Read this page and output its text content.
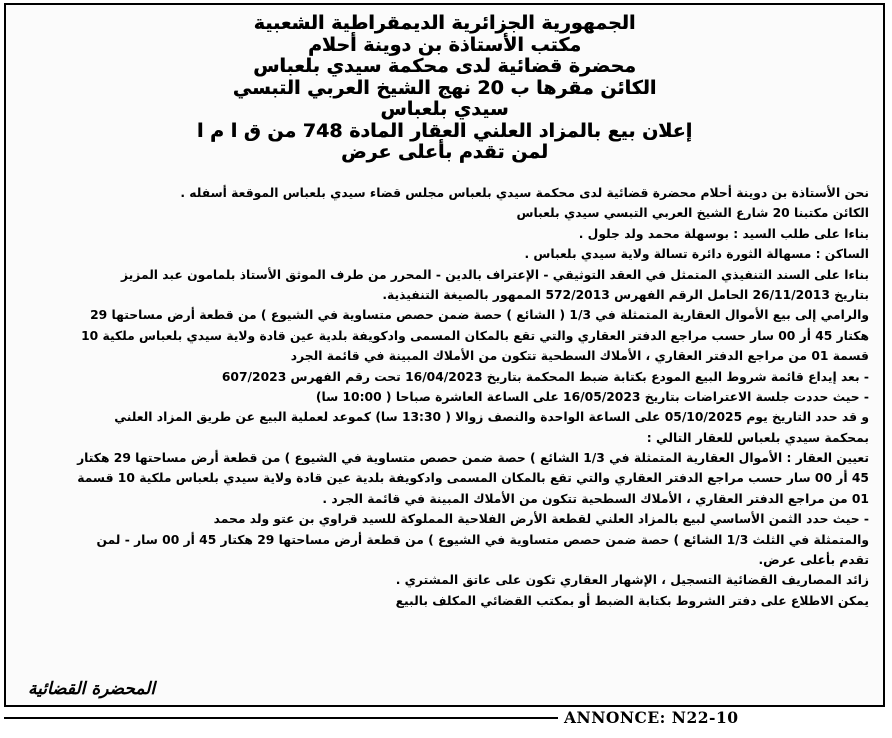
الجمهورية الجزائرية الديمقراطية الشعبية
مكتب الأستاذة بن دوينة أحلام
محضرة قضائية لدى محكمة سيدي بلعباس
الكائن مقرها ب 20 نهج الشيخ العربي التبسي
سيدي بلعباس
إعلان بيع بالمزاد العلني العقار المادة 748 من ق ا م ا
لمن تقدم بأعلى عرض
نحن الأستاذة بن دوينة أحلام محضرة قضائية لدى محكمة سيدي بلعباس مجلس قضاء سيدي بلعباس الموقعة أسفله .
الكائن مكتبنا 20 شارع الشيخ العربي التبسي سيدي بلعباس
بناءا على طلب السيد : بوسهلة محمد ولد جلول .
الساكن : مسهالة الثورة دائرة تسالة ولاية سيدي بلعباس .
بناءا على السند التنفيذي المتمثل في العقد التوثيقي - الإعتراف بالدين - المحرر من طرف الموثق الأستاذ بلمامون عبد المزيز
بتاريخ 26/11/2013 الحامل الرقم الفهرس 572/2013 الممهور بالصيغة التنفيذية.
والرامي إلى بيع الأموال العقارية المتمثلة في 1/3 ( الشائع ) حصة ضمن حصص متساوية في الشيوع ) من قطعة أرض مساحتها 29
هكتار 45 أر 00 سار حسب مراجع الدفتر العقاري والتي تقع بالمكان المسمى وادكويفة بلدية عين قادة ولاية سيدي بلعباس ملكية 10
قسمة 01 من مراجع الدفتر العقاري ، الأملاك السطحية تتكون من الأملاك المبينة في قائمة الجرد
- بعد إيداع قائمة شروط البيع المودع بكتابة ضبط المحكمة بتاريخ 16/04/2023 تحت رقم الفهرس 607/2023
- حيث حددت جلسة الاعتراضات بتاريخ 16/05/2023 على الساعة العاشرة صباحا ( 10:00 سا)
و قد حدد التاريخ يوم 05/10/2025 على الساعة الواحدة والنصف زوالا ( 13:30 سا) كموعد لعملية البيع عن طريق المزاد العلني
بمحكمة سيدي بلعباس للعقار التالي :
تعيين العقار : الأموال العقارية المتمثلة في 1/3 الشائع ) حصة ضمن حصص متساوية في الشيوع ) من قطعة أرض مساحتها 29 هكتار
45 أر 00 سار حسب مراجع الدفتر العقاري والتي تقع بالمكان المسمى وادكويفة بلدية عين قادة ولاية سيدي بلعباس ملكية 10 قسمة
01 من مراجع الدفتر العقاري ، الأملاك السطحية تتكون من الأملاك المبينة في قائمة الجرد .
- حيث حدد الثمن الأساسي لبيع بالمزاد العلني لقطعة الأرض الفلاحية المملوكة للسيد قراوي بن عتو ولد محمد
والمتمثلة في الثلث 1/3 الشائع ) حصة ضمن حصص متساوية في الشيوع ) من قطعة أرض مساحتها 29 هكتار 45 أر 00 سار - لمن
تقدم بأعلى عرض.
زائد المصاريف القضائية التسجيل ، الإشهار العقاري تكون على عاتق المشتري .
يمكن الاطلاع على دفتر الشروط بكتابة الضبط أو بمكتب القضائي المكلف بالبيع
المحضرة القضائية
ANNONCE: N22-10
